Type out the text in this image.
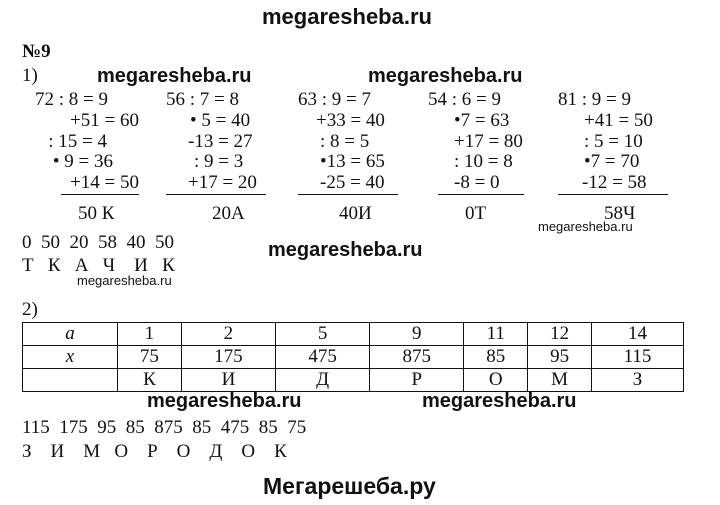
megaresheba.ru
megaresheba.ru	megaresheba.ru
megaresheba.ru
megaresheba.ru
megaresheba.ru
megaresheba.ru	megaresheba.ru
Мегарешеба.ру
№9
1)
72 : 8 = 9
+51 = 60
: 15 = 4
• 9 = 36
+14 = 50
50 К
56 : 7 = 8
• 5 = 40
-13 = 27
: 9 = 3
+17 = 20
20А
63 : 9 = 7
+33 = 40
: 8 = 5
•13 = 65
-25 = 40
40И
54 : 6 = 9
•7 = 63
+17 = 80
: 10 = 8
-8 = 0
0Т
81 : 9 = 9
+41 = 50
: 5 = 10
•7 = 70
-12 = 58
58Ч
0  50  20  58  40  50
Т   К   А   Ч    И   К
2)
a	1	2	5	9	11	12	14
x	75	175	475	875	85	95	115
	К	И	Д	Р	О	М	З
115  175  95  85  875  85  475  85  75
З    И    М   О    Р    О    Д    О    К
